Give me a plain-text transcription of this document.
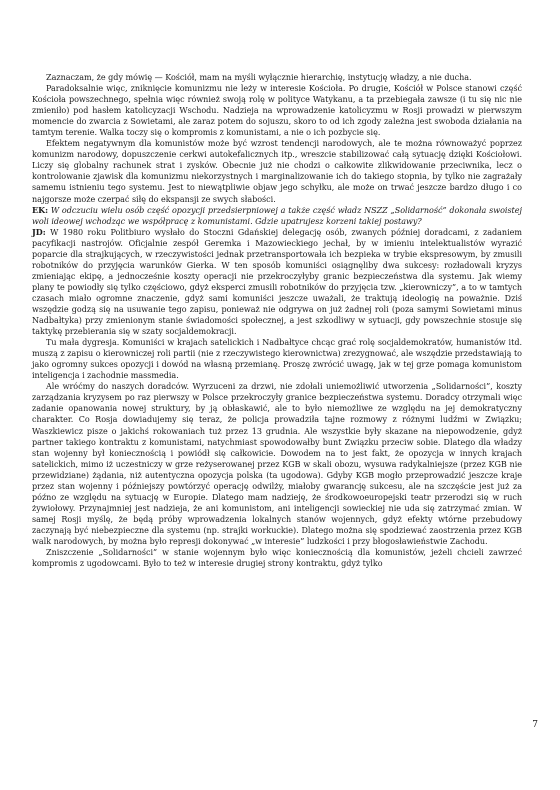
Zaznaczam, że gdy mówię — Kościół, mam na myśli wyłącznie hierarchię, instytucję władzy, a nie ducha.

Paradoksalnie więc, zniknięcie komunizmu nie leży w interesie Kościoła. Po drugie, Kościół w Polsce stanowi część Kościoła powszechnego, spełnia więc również swoją rolę w polityce Watykanu, a ta przebiegała zawsze (i tu się nic nie zmieniło) pod hasłem katolicyzacji Wschodu. Nadzieja na wprowadzenie katolicyzmu w Rosji prowadzi w pierwszym momencie do zwarcia z Sowietami, ale zaraz potem do sojuszu, skoro to od ich zgody zależna jest swoboda działania na tamtym terenie. Walka toczy się o kompromis z komunistami, a nie o ich pozbycie się.

Efektem negatywnym dla komunistów może być wzrost tendencji narodowych, ale te można równoważyć poprzez komunizm narodowy, dopuszczenie cerkwi autokefalicznych itp., wreszcie stabilizować całą sytuację dzięki Kościołowi. Liczy się globalny rachunek strat i zysków. Obecnie już nie chodzi o całkowite zlikwidowanie przeciwnika, lecz o kontrolowanie zjawisk dla komunizmu niekorzystnych i marginalizowanie ich do takiego stopnia, by tylko nie zagrażały samemu istnieniu tego systemu. Jest to niewątpliwie objaw jego schyłku, ale może on trwać jeszcze bardzo długo i co najgorsze może czerpać siłę do ekspansji ze swych słabości.

EK: W odczuciu wielu osób część opozycji przedsierpniowej a także część władz NSZZ „Solidarność” dokonała swoistej woli ideowej wchodząc we współpracę z komunistami. Gdzie upatrujesz korzeni takiej postawy?

JD: W 1980 roku Politbiuro wysłało do Stoczni Gdańskiej delegację osób, zwanych później doradcami, z zadaniem pacyfikacji nastrojów. Oficjalnie zespół Geremka i Mazowieckiego jechał, by w imieniu intelektualistów wyrazić poparcie dla strajkujących, w rzeczywistości jednak przetransportowała ich bezpieka w trybie ekspresowym, by zmusili robotników do przyjęcia warunków Gierka. W ten sposób komuniści osiągnęliby dwa sukcesy: rozładowali kryzys zmieniając ekipę, a jednocześnie koszty operacji nie przekroczyłyby granic bezpieczeństwa dla systemu. Jak wiemy plany te powiodły się tylko częściowo, gdyż eksperci zmusili robotników do przyjęcia tzw. „kierowniczy”, a to w tamtych czasach miało ogromne znaczenie, gdyż sami komuniści jeszcze uważali, że traktują ideologię na poważnie. Dziś wszędzie godzą się na usuwanie tego zapisu, ponieważ nie odgrywa on już żadnej roli (poza samymi Sowietami minus Nadbałtyka) przy zmienionym stanie świadomości społecznej, a jest szkodliwy w sytuacji, gdy powszechnie stosuje się taktykę przebierania się w szaty socjaldemokracji.

Tu mała dygresja. Komuniści w krajach satelickich i Nadbałtyce chcąc grać rolę socjaldemokratów, humanistów itd. muszą z zapisu o kierowniczej roli partii (nie z rzeczywistego kierownictwa) zrezygnować, ale wszędzie przedstawiają to jako ogromny sukces opozycji i dowód na własną przemianę. Proszę zwrócić uwagę, jak w tej grze pomaga komunistom inteligencja i zachodnie massmedia.

Ale wróćmy do naszych doradców. Wyrzuceni za drzwi, nie zdołali uniemożliwić utworzenia „Solidarności”, koszty zarządzania kryzysem po raz pierwszy w Polsce przekroczyły granice bezpieczeństwa systemu. Doradcy otrzymali więc zadanie opanowania nowej struktury, by ją obłaskawić, ale to było niemożliwe ze względu na jej demokratyczny charakter. Co Rosja dowiadujemy się teraz, że policja prowadziła tajne rozmowy z różnymi ludźmi w Związku; Waszkiewicz pisze o jakichś rokowaniach tuż przez 13 grudnia. Ale wszystkie były skazane na niepowodzenie, gdyż partner takiego kontraktu z komunistami, natychmiast spowodowałby bunt Związku przeciw sobie. Dlatego dla władzy stan wojenny był koniecznością i powiódł się całkowicie. Dowodem na to jest fakt, że opozycja w innych krajach satelickich, mimo iż uczestniczy w grze reżyserowanej przez KGB w skali obozu, wysuwa radykalniejsze (przez KGB nie przewidziane) żądania, niż autentyczna opozycja polska (ta ugodowa). Gdyby KGB mogło przeprowadzić jeszcze kraje przez stan wojenny i późniejszy powtórzyć operację odwilży, miałoby gwarancję sukcesu, ale na szczęście jest już za późno ze względu na sytuację w Europie. Dlatego mam nadzieję, że środkowoeuropejski teatr przerodzi się w ruch żywiołowy. Przynajmniej jest nadzieja, że ani komunistom, ani inteligencji sowieckiej nie uda się zatrzymać zmian. W samej Rosji myślę, że będą próby wprowadzenia lokalnych stanów wojennych, gdyż efekty wtórne przebudowy zaczynają być niebezpieczne dla systemu (np. strajki workuckie). Dlatego można się spodziewać zaostrzenia przez KGB walk narodowych, by można było represji dokonywać „w interesie” ludzkości i przy błogosławieństwie Zachodu.

Zniszczenie „Solidarności” w stanie wojennym było więc koniecznością dla komunistów, jeżeli chcieli zawrzeć kompromis z ugodowcami. Było to też w interesie drugiej strony kontraktu, gdyż tylko

7
